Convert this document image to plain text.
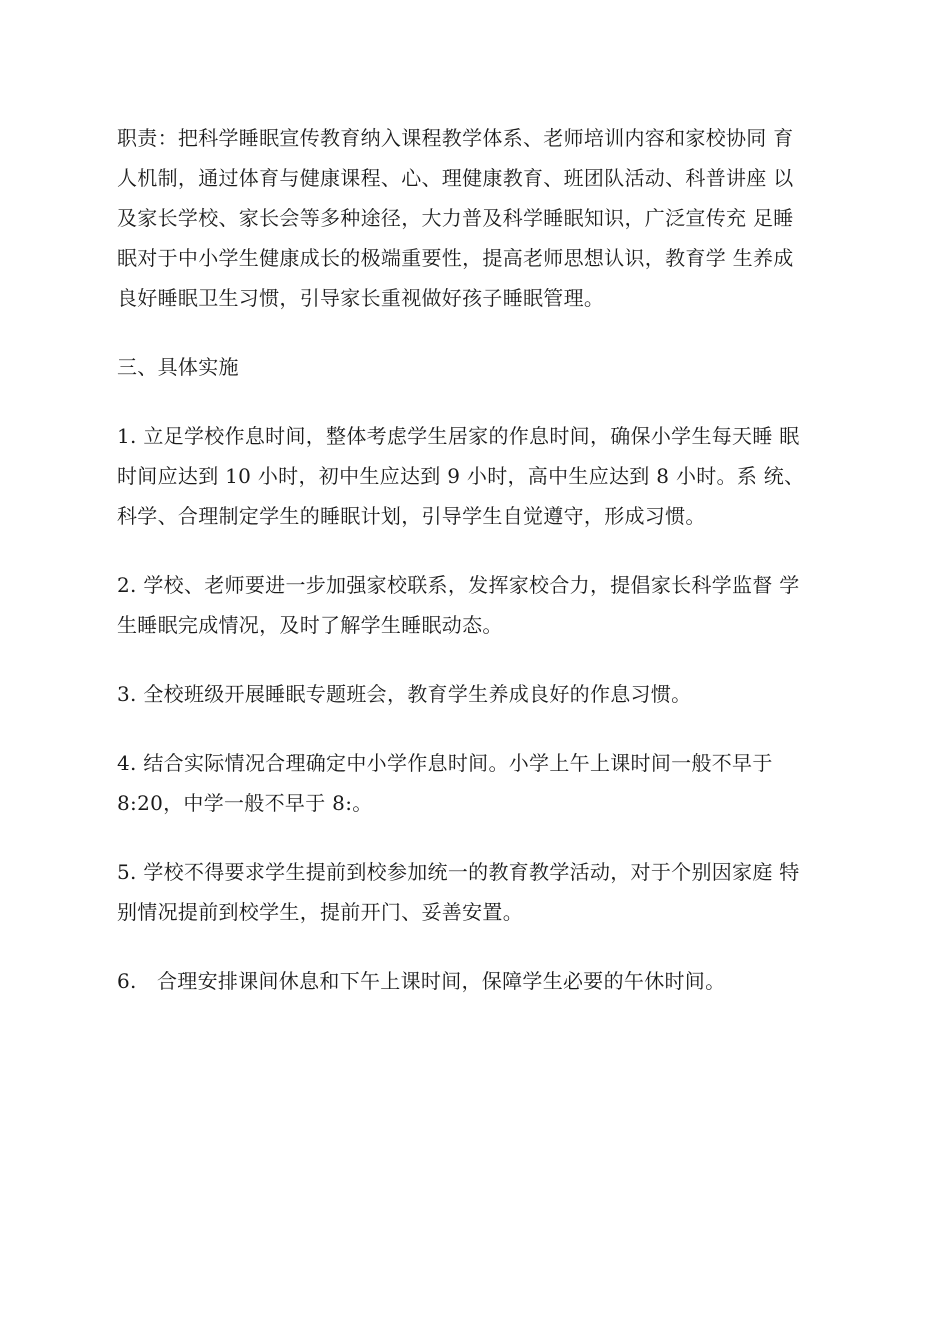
职责：把科学睡眠宣传教育纳入课程教学体系、老师培训内容和家校协同 育
人机制，通过体育与健康课程、心、理健康教育、班团队活动、科普讲座 以
及家长学校、家长会等多种途径，大力普及科学睡眠知识，广泛宣传充 足睡
眠对于中小学生健康成长的极端重要性，提高老师思想认识，教育学 生养成
良好睡眠卫生习惯，引导家长重视做好孩子睡眠管理。
三、具体实施
1. 立足学校作息时间，整体考虑学生居家的作息时间，确保小学生每天睡 眠
时间应达到 10 小时，初中生应达到 9 小时，高中生应达到 8 小时。系 统、
科学、合理制定学生的睡眠计划，引导学生自觉遵守，形成习惯。
2. 学校、老师要进一步加强家校联系，发挥家校合力，提倡家长科学监督 学
生睡眠完成情况，及时了解学生睡眠动态。
3. 全校班级开展睡眠专题班会，教育学生养成良好的作息习惯。
4. 结合实际情况合理确定中小学作息时间。小学上午上课时间一般不早于
8:20，中学一般不早于 8:。
5. 学校不得要求学生提前到校参加统一的教育教学活动，对于个别因家庭 特
别情况提前到校学生，提前开门、妥善安置。
6. 合理安排课间休息和下午上课时间，保障学生必要的午休时间。
